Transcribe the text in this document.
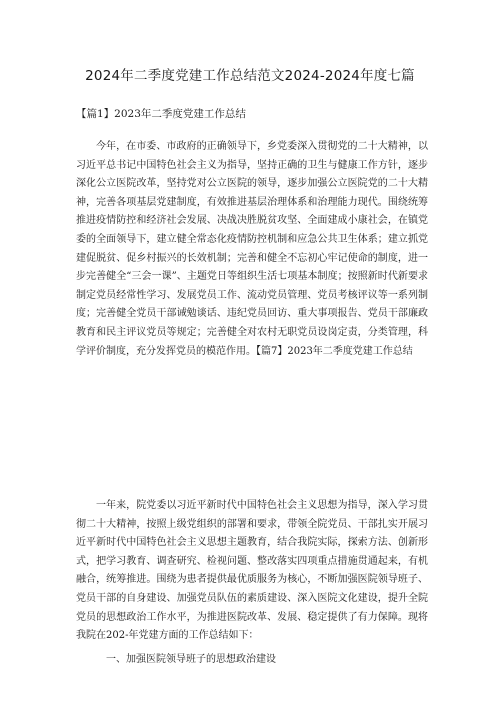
2024年二季度党建工作总结范文2024-2024年度七篇
【篇1】2023年二季度党建工作总结

今年，在市委、市政府的正确领导下，乡党委深入贯彻党的二十大精神，以习近平总书记中国特色社会主义为指导，坚持正确的卫生与健康工作方针，逐步深化公立医院改革，坚持党对公立医院的领导，逐步加强公立医院党的二十大精神，完善各项基层党建制度，有效推进基层治理体系和治理能力现代。围绕统筹推进疫情防控和经济社会发展、决战决胜脱贫攻坚、全面建成小康社会，在镇党委的全面领导下，建立健全常态化疫情防控机制和应急公共卫生体系；建立抓党建促脱贫、促乡村振兴的长效机制；完善和健全不忘初心牢记使命的制度，进一步完善健全“三会一课”、主题党日等组织生活七项基本制度；按照新时代新要求制定党员经常性学习、发展党员工作、流动党员管理、党员考核评议等一系列制度；完善健全党员干部诫勉谈话、违纪党员回访、重大事项报告、党员干部廉政教育和民主评议党员等规定；完善健全对农村无职党员设岗定责，分类管理，科学评价制度，充分发挥党员的模范作用。【篇7】2023年二季度党建工作总结

一年来，院党委以习近平新时代中国特色社会主义思想为指导，深入学习贯彻二十大精神，按照上级党组织的部署和要求，带领全院党员、干部扎实开展习近平新时代中国特色社会主义思想主题教育，结合我院实际，探索方法、创新形式，把学习教育、调查研究、检视问题、整改落实四项重点措施贯通起来，有机融合，统筹推进。围绕为患者提供最优质服务为核心，不断加强医院领导班子、党员干部的自身建设、加强党员队伍的素质建设、深入医院文化建设，提升全院党员的思想政治工作水平，为推进医院改革、发展、稳定提供了有力保障。现将我院在202-年党建方面的工作总结如下：

一、加强医院领导班子的思想政治建设
